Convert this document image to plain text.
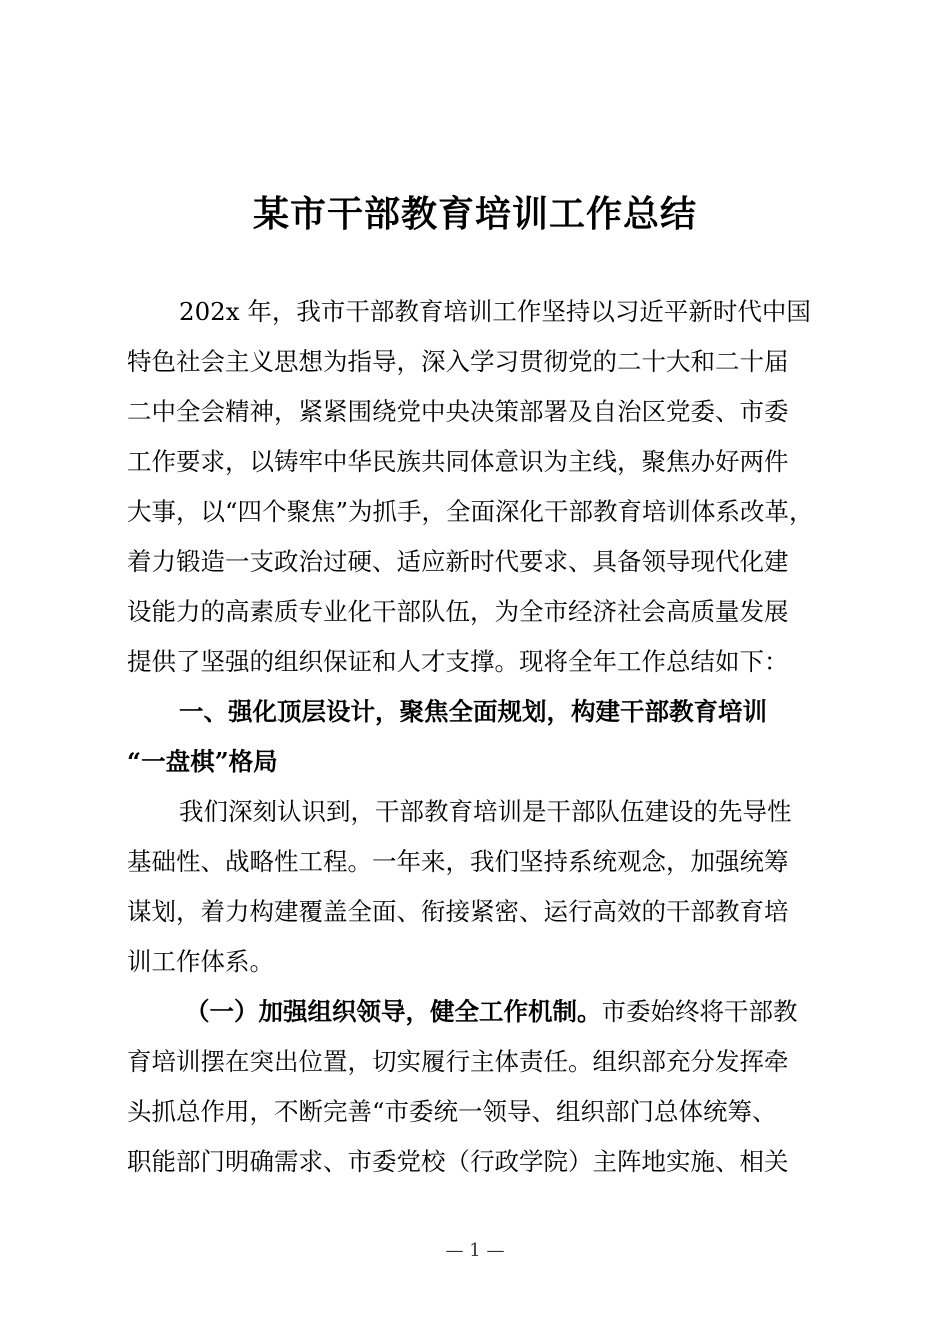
某市干部教育培训工作总结
202x 年，我市干部教育培训工作坚持以习近平新时代中国
特色社会主义思想为指导，深入学习贯彻党的二十大和二十届
二中全会精神，紧紧围绕党中央决策部署及自治区党委、市委
工作要求，以铸牢中华民族共同体意识为主线，聚焦办好两件
大事，以“四个聚焦”为抓手，全面深化干部教育培训体系改革，
着力锻造一支政治过硬、适应新时代要求、具备领导现代化建
设能力的高素质专业化干部队伍，为全市经济社会高质量发展
提供了坚强的组织保证和人才支撑。现将全年工作总结如下：
一、强化顶层设计，聚焦全面规划，构建干部教育培训
“一盘棋”格局
我们深刻认识到，干部教育培训是干部队伍建设的先导性
基础性、战略性工程。一年来，我们坚持系统观念，加强统筹
谋划，着力构建覆盖全面、衔接紧密、运行高效的干部教育培
训工作体系。
（一）加强组织领导，健全工作机制。市委始终将干部教
育培训摆在突出位置，切实履行主体责任。组织部充分发挥牵
头抓总作用，不断完善“市委统一领导、组织部门总体统筹、
职能部门明确需求、市委党校（行政学院）主阵地实施、相关
— 1 —
